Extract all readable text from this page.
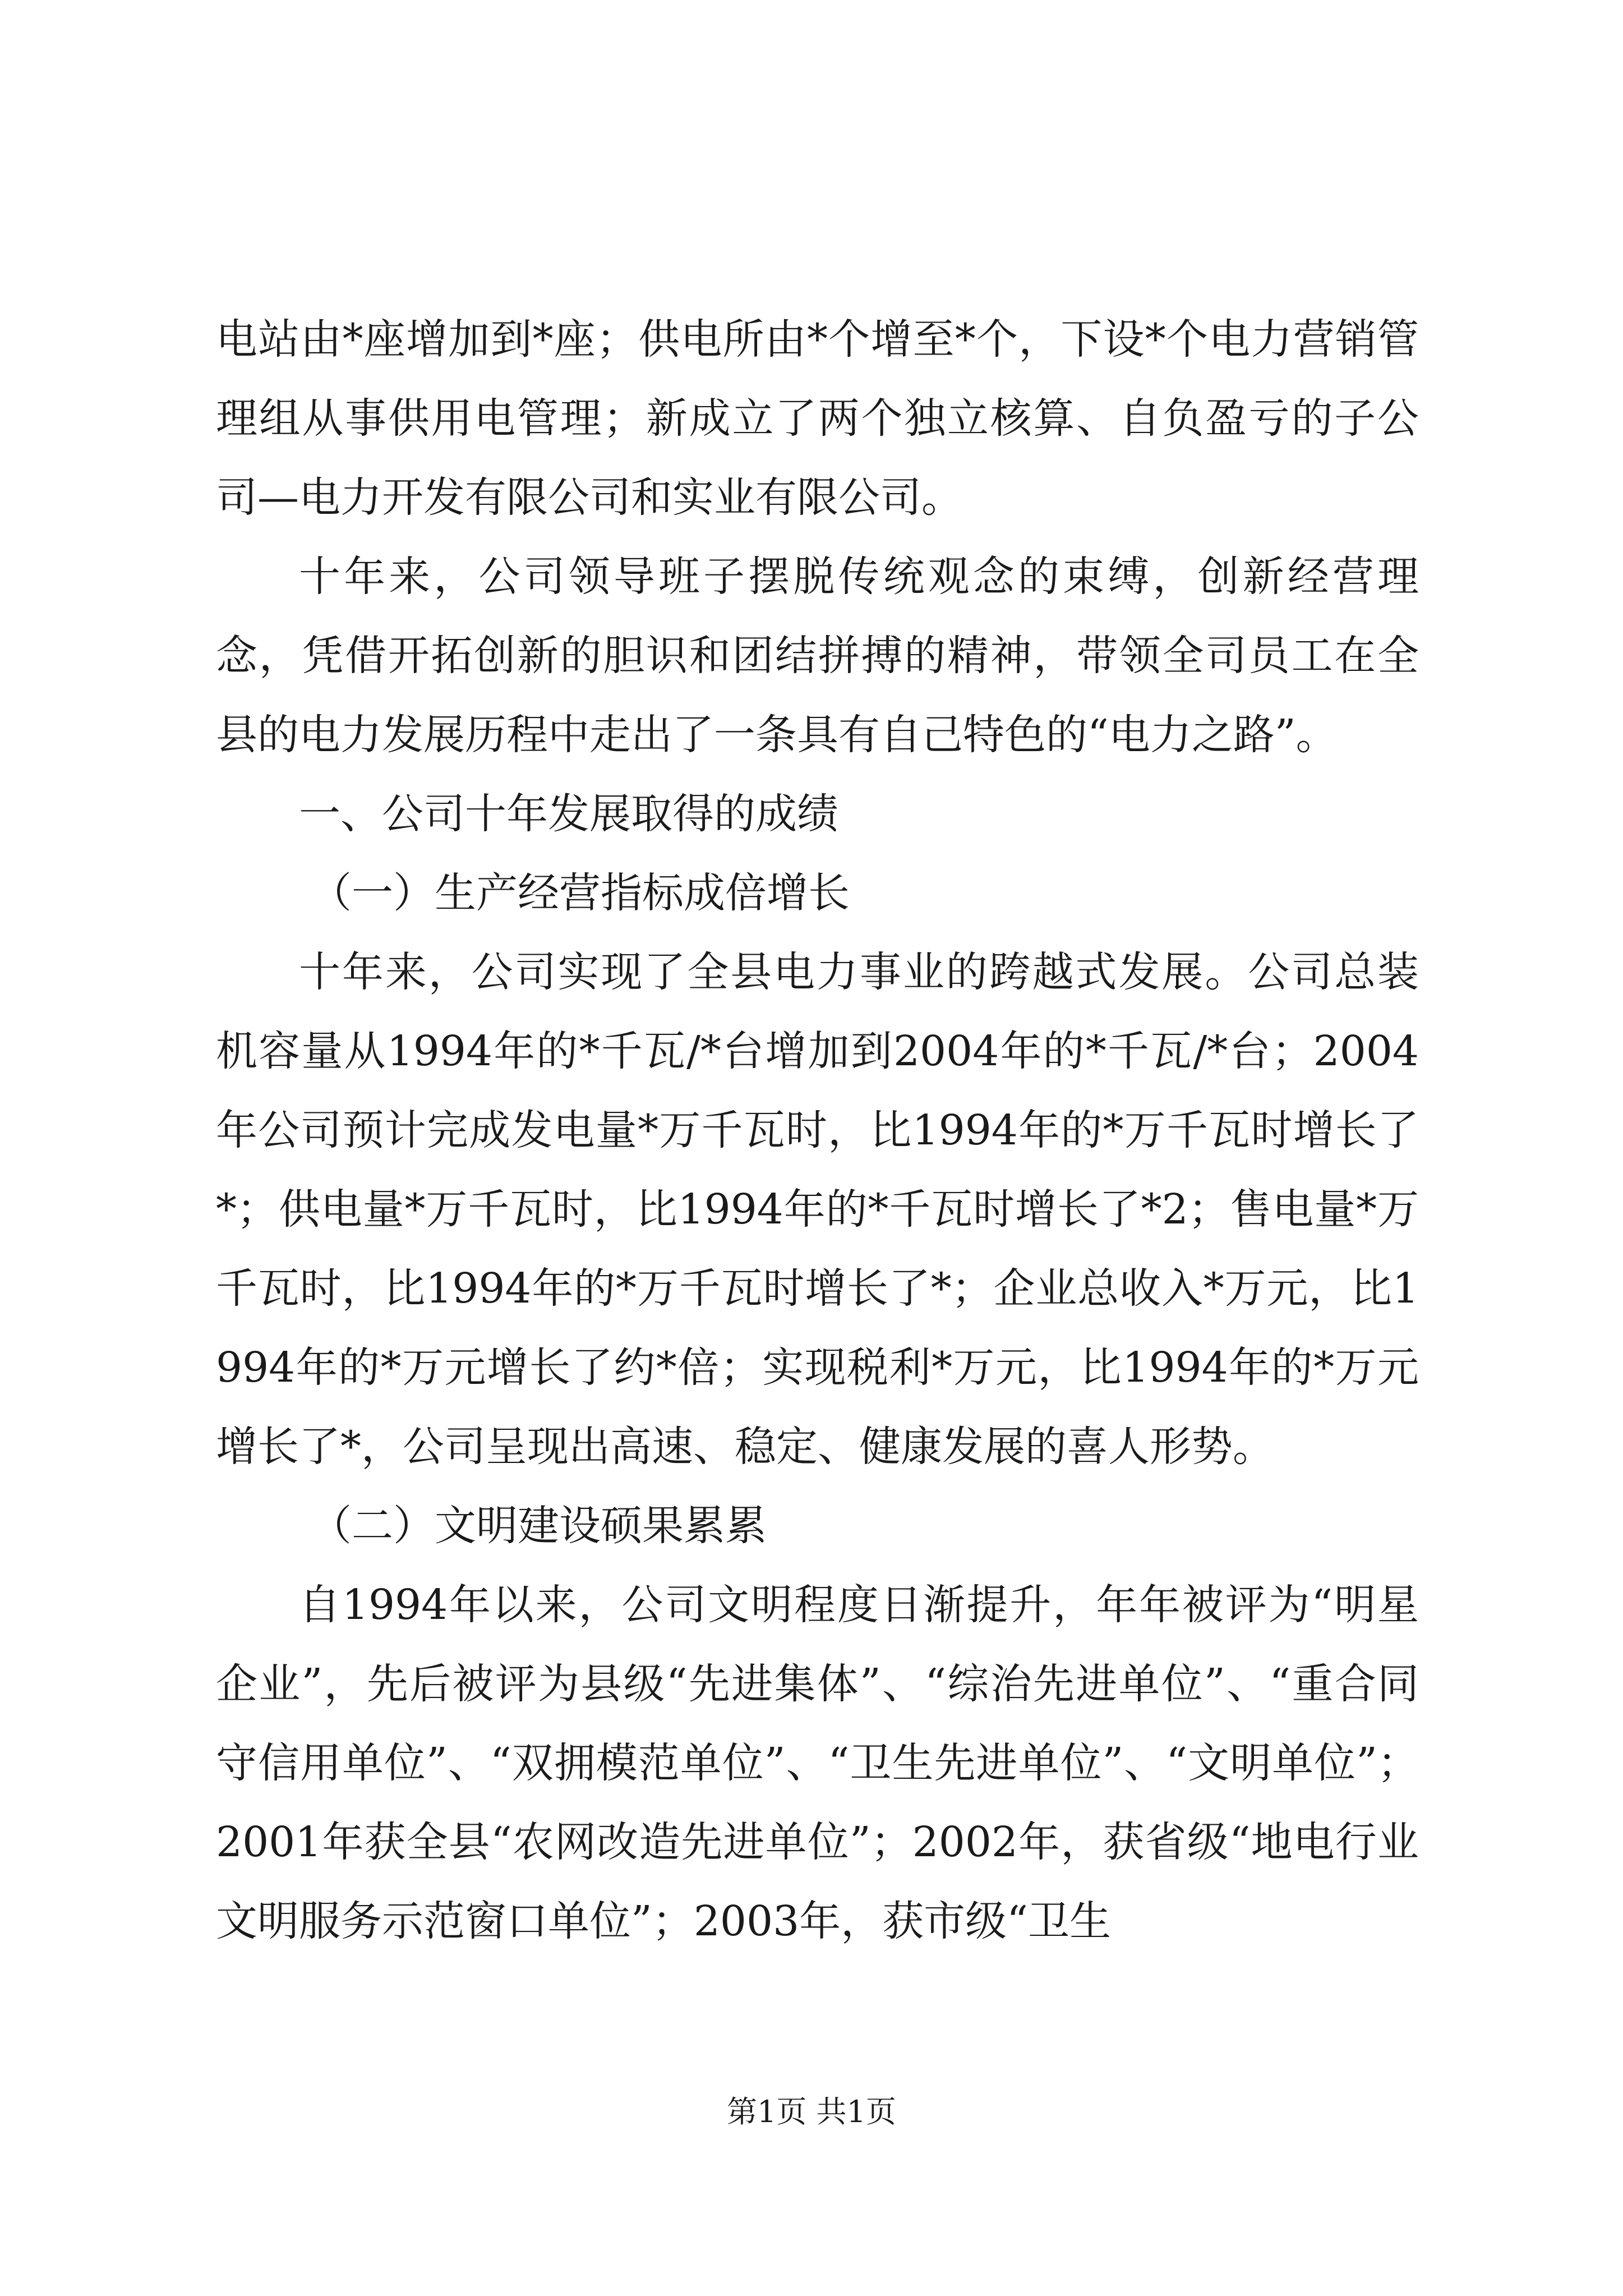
电站由*座增加到*座；供电所由*个增至*个，下设*个电力营销管理组从事供用电管理；新成立了两个独立核算、自负盈亏的子公司—电力开发有限公司和实业有限公司。

十年来，公司领导班子摆脱传统观念的束缚，创新经营理念，凭借开拓创新的胆识和团结拼搏的精神，带领全司员工在全县的电力发展历程中走出了一条具有自己特色的“电力之路”。

一、公司十年发展取得的成绩

（一）生产经营指标成倍增长

十年来，公司实现了全县电力事业的跨越式发展。公司总装机容量从1994年的*千瓦/*台增加到2004年的*千瓦/*台；2004年公司预计完成发电量*万千瓦时，比1994年的*万千瓦时增长了*；供电量*万千瓦时，比1994年的*千瓦时增长了*2；售电量*万千瓦时，比1994年的*万千瓦时增长了*；企业总收入*万元，比1994年的*万元增长了约*倍；实现税利*万元，比1994年的*万元增长了*，公司呈现出高速、稳定、健康发展的喜人形势。

（二）文明建设硕果累累

自1994年以来，公司文明程度日渐提升，年年被评为“明星企业”，先后被评为县级“先进集体”、“综治先进单位”、“重合同守信用单位”、“双拥模范单位”、“卫生先进单位”、“文明单位”；2001年获全县“农网改造先进单位”；2002年，获省级“地电行业文明服务示范窗口单位”；2003年，获市级“卫生

第1页 共1页
